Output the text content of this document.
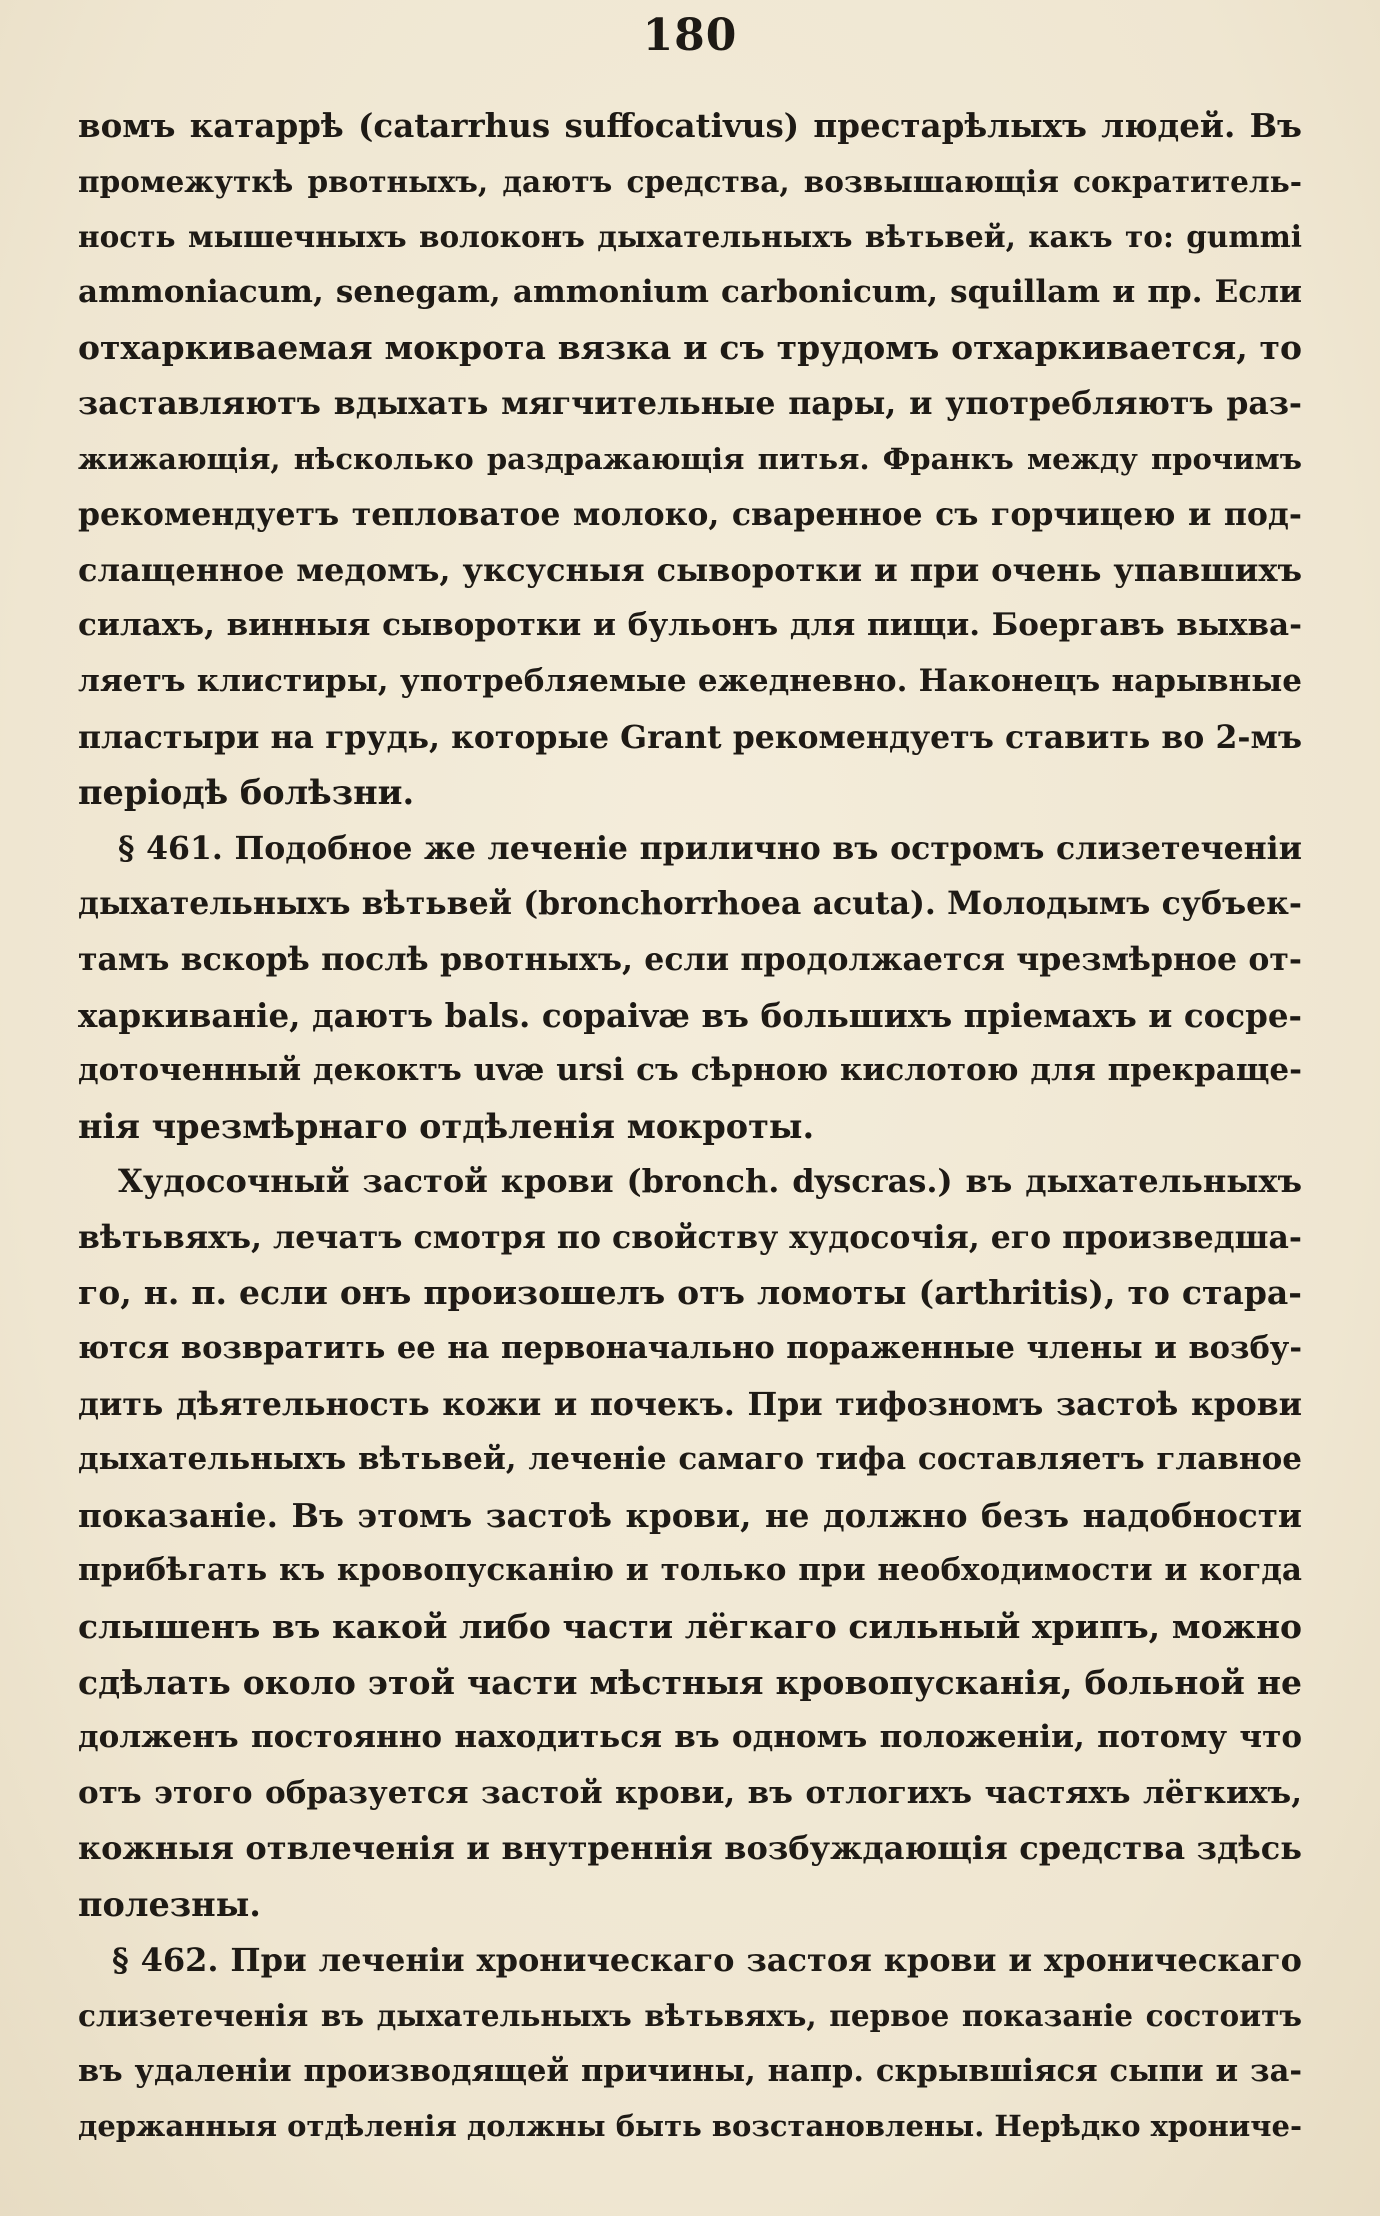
180
вомъ катаррѣ (catarrhus suffocativus) престарѣлыхъ людей. Въ
промежуткѣ рвотныхъ, даютъ средства, возвышающія сократитель-
ность мышечныхъ волоконъ дыхательныхъ вѣтьвей, какъ то: gummi
ammoniacum, senegam, ammonium carbonicum, squillam и пр. Если
отхаркиваемая мокрота вязка и съ трудомъ отхаркивается, то
заставляютъ вдыхать мягчительные пары, и употребляютъ раз-
жижающія, нѣсколько раздражающія питья. Франкъ между прочимъ
рекомендуетъ тепловатое молоко, сваренное съ горчицею и под-
слащенное медомъ, уксусныя сыворотки и при очень упавшихъ
силахъ, винныя сыворотки и бульонъ для пищи. Боергавъ выхва-
ляетъ клистиры, употребляемые ежедневно. Наконецъ нарывные
пластыри на грудь, которые Grant рекомендуетъ ставить во 2-мъ
періодѣ болѣзни.
§ 461. Подобное же леченіе прилично въ остромъ слизетеченіи
дыхательныхъ вѣтьвей (bronchorrhoea acuta). Молодымъ субъек-
тамъ вскорѣ послѣ рвотныхъ, если продолжается чрезмѣрное от-
харкиваніе, даютъ bals. copaivæ въ большихъ пріемахъ и сосре-
доточенный декоктъ uvæ ursi съ сѣрною кислотою для прекраще-
нія чрезмѣрнаго отдѣленія мокроты.
Худосочный застой крови (bronch. dyscras.) въ дыхательныхъ
вѣтьвяхъ, лечатъ смотря по свойству худосочія, его произведша-
го, н. п. если онъ произошелъ отъ ломоты (arthritis), то стара-
ются возвратить ее на первоначально пораженные члены и возбу-
дить дѣятельность кожи и почекъ. При тифозномъ застоѣ крови
дыхательныхъ вѣтьвей, леченіе самаго тифа составляетъ главное
показаніе. Въ этомъ застоѣ крови, не должно безъ надобности
прибѣгать къ кровопусканію и только при необходимости и когда
слышенъ въ какой либо части лёгкаго сильный хрипъ, можно
сдѣлать около этой части мѣстныя кровопусканія, больной не
долженъ постоянно находиться въ одномъ положеніи, потому что
отъ этого образуется застой крови, въ отлогихъ частяхъ лёгкихъ,
кожныя отвлеченія и внутреннія возбуждающія средства здѣсь
полезны.
§ 462. При леченіи хроническаго застоя крови и хроническаго
слизетеченія въ дыхательныхъ вѣтьвяхъ, первое показаніе состоитъ
въ удаленіи производящей причины, напр. скрывшіяся сыпи и за-
держанныя отдѣленія должны быть возстановлены. Нерѣдко хрониче-
